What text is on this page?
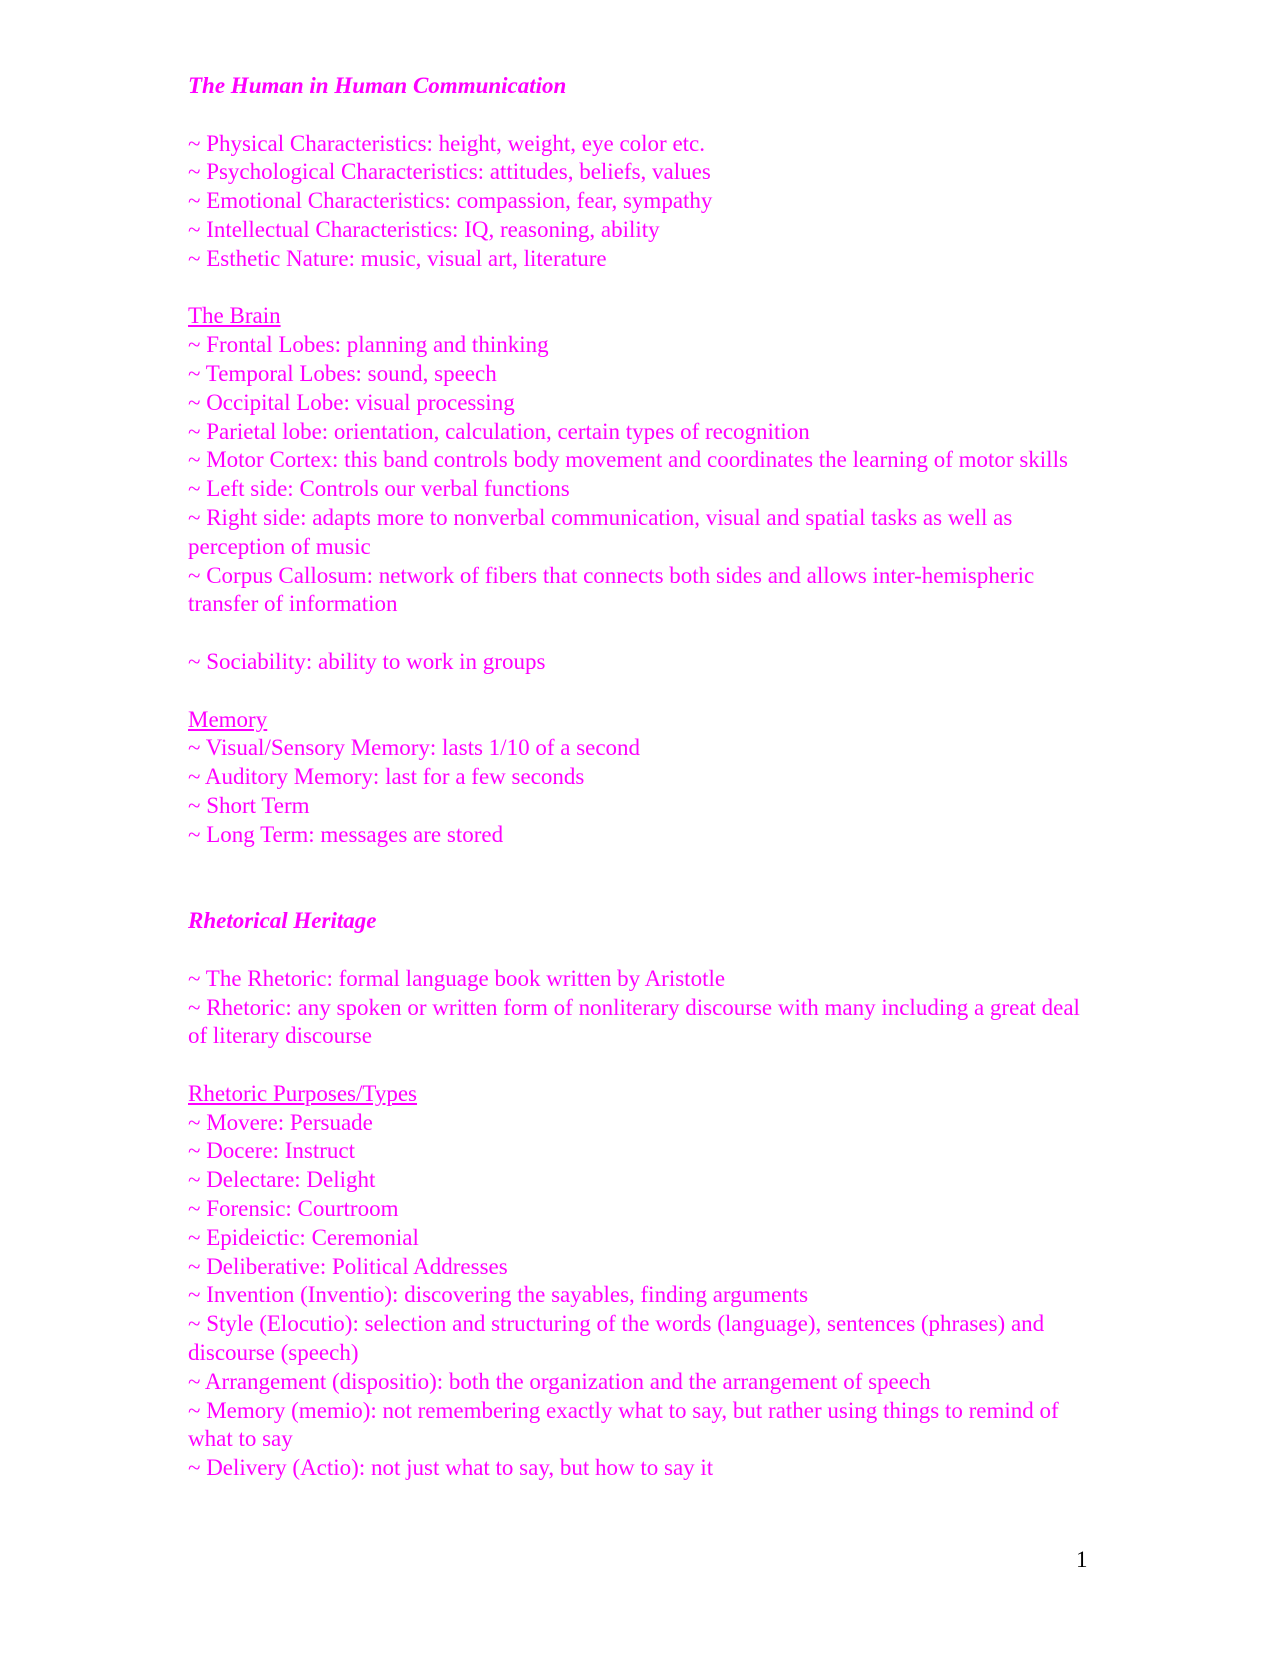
The Human in Human Communication
~ Physical Characteristics: height, weight, eye color etc.
~ Psychological Characteristics: attitudes, beliefs, values
~ Emotional Characteristics: compassion, fear, sympathy
~ Intellectual Characteristics: IQ, reasoning, ability
~ Esthetic Nature: music, visual art, literature
The Brain
~ Frontal Lobes: planning and thinking
~ Temporal Lobes: sound, speech
~ Occipital Lobe: visual processing
~ Parietal lobe: orientation, calculation, certain types of recognition
~ Motor Cortex: this band controls body movement and coordinates the learning of motor skills
~ Left side: Controls our verbal functions
~ Right side: adapts more to nonverbal communication, visual and spatial tasks as well as perception of music
~ Corpus Callosum: network of fibers that connects both sides and allows inter-hemispheric transfer of information
~ Sociability: ability to work in groups
Memory
~ Visual/Sensory Memory: lasts 1/10 of a second
~ Auditory Memory: last for a few seconds
~ Short Term
~ Long Term: messages are stored
Rhetorical Heritage
~ The Rhetoric: formal language book written by Aristotle
~ Rhetoric: any spoken or written form of nonliterary discourse with many including a great deal of literary discourse
Rhetoric Purposes/Types
~ Movere: Persuade
~ Docere: Instruct
~ Delectare: Delight
~ Forensic: Courtroom
~ Epideictic: Ceremonial
~ Deliberative: Political Addresses
~ Invention (Inventio): discovering the sayables, finding arguments
~ Style (Elocutio): selection and structuring of the words (language), sentences (phrases) and discourse (speech)
~ Arrangement (dispositio): both the organization and the arrangement of speech
~ Memory (memio): not remembering exactly what to say, but rather using things to remind of what to say
~ Delivery (Actio): not just what to say, but how to say it
1
